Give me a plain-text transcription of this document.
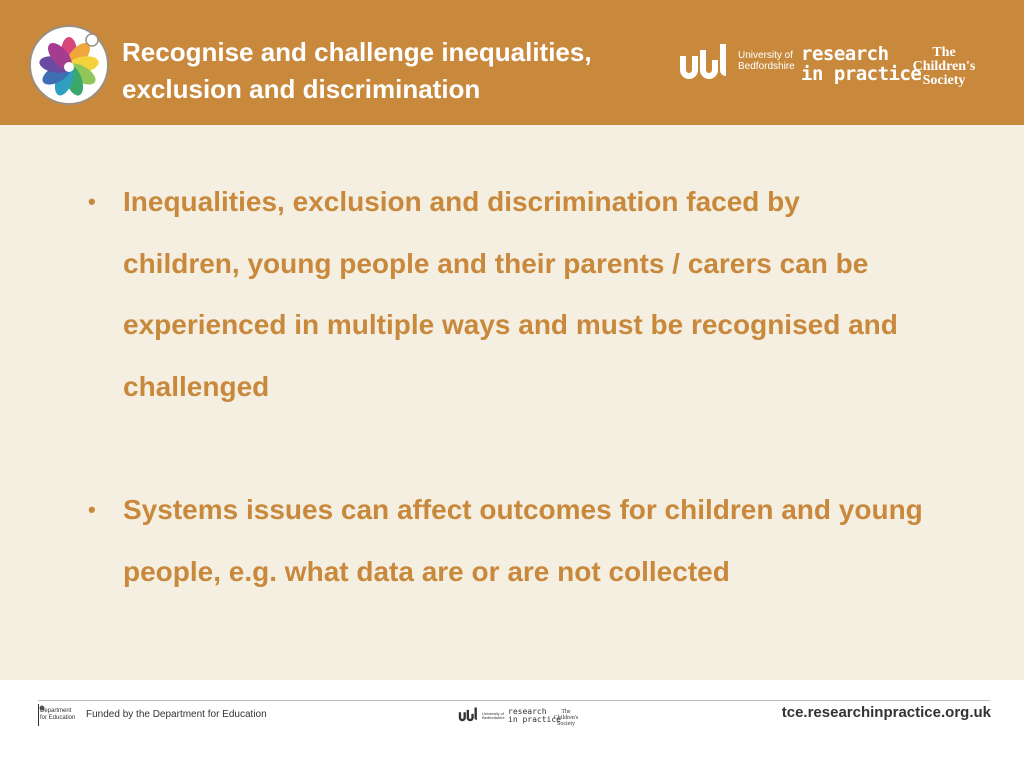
Recognise and challenge inequalities,
exclusion and discrimination
University of
Bedfordshire
research
in practice
The
Children's
Society
• Inequalities, exclusion and discrimination faced by children, young people and their parents / carers can be experienced in multiple ways and must be recognised and challenged
• Systems issues can affect outcomes for children and young people, e.g. what data are or are not collected
Department
for Education	Funded by the Department for Education	University of
Bedfordshire
research
in practice
The
Children's
Society
tce.researchinpractice.org.uk
